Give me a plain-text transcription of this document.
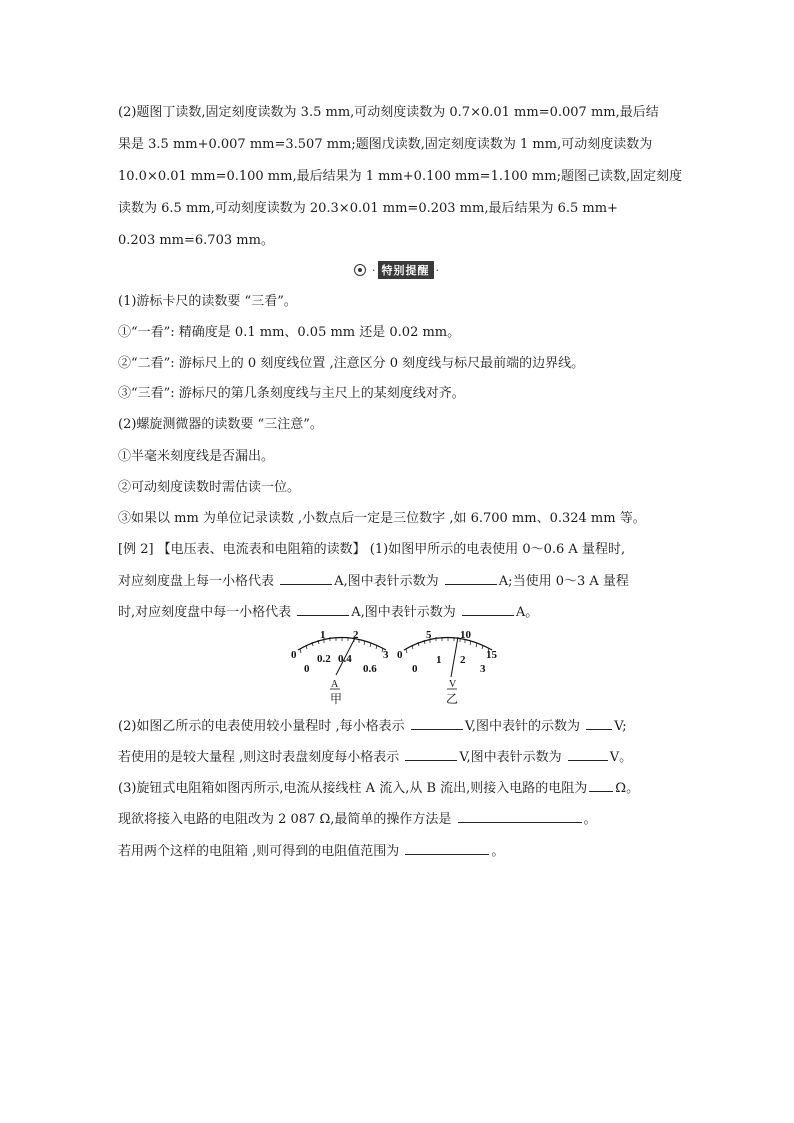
(2)题图丁读数,固定刻度读数为 3.5 mm,可动刻度读数为 0.7×0.01 mm=0.007 mm,最后结
果是 3.5 mm+0.007 mm=3.507 mm;题图戊读数,固定刻度读数为 1 mm,可动刻度读数为
10.0×0.01 mm=0.100 mm,最后结果为 1 mm+0.100 mm=1.100 mm;题图己读数,固定刻度
读数为 6.5 mm,可动刻度读数为 20.3×0.01 mm=0.203 mm,最后结果为 6.5 mm+
0.203 mm=6.703 mm。
· 特别提醒 ·
(1)游标卡尺的读数要 “三看”。
①“一看”: 精确度是 0.1 mm、0.05 mm 还是 0.02 mm。
②“二看”: 游标尺上的 0 刻度线位置 ,注意区分 0 刻度线与标尺最前端的边界线。
③“三看”: 游标尺的第几条刻度线与主尺上的某刻度线对齐。
(2)螺旋测微器的读数要 “三注意”。
①半毫米刻度线是否漏出。
②可动刻度读数时需估读一位。
③如果以 mm 为单位记录读数 ,小数点后一定是三位数字 ,如 6.700 mm、0.324 mm 等。
[例 2] 【电压表、电流表和电阻箱的读数】 (1)如图甲所示的电表使用 0～0.6 A 量程时,
对应刻度盘上每一小格代表	A,图中表针示数为	A;当使用 0～3 A 量程
时,对应刻度盘中每一小格代表	A,图中表针示数为	A。
0
1	2
3
0
0.2 0.4
0.6
A
甲
0
5	10
15
0
1 2
3
V
乙
(2)如图乙所示的电表使用较小量程时 ,每小格表示	V,图中表针的示数为 V;
若使用的是较大量程 ,则这时表盘刻度每小格表示	V,图中表针示数为	V。
(3)旋钮式电阻箱如图丙所示,电流从接线柱 A 流入,从 B 流出,则接入电路的电阻为 Ω。
现欲将接入电路的电阻改为 2 087 Ω,最简单的操作方法是	。
若用两个这样的电阻箱 ,则可得到的电阻值范围为	。
